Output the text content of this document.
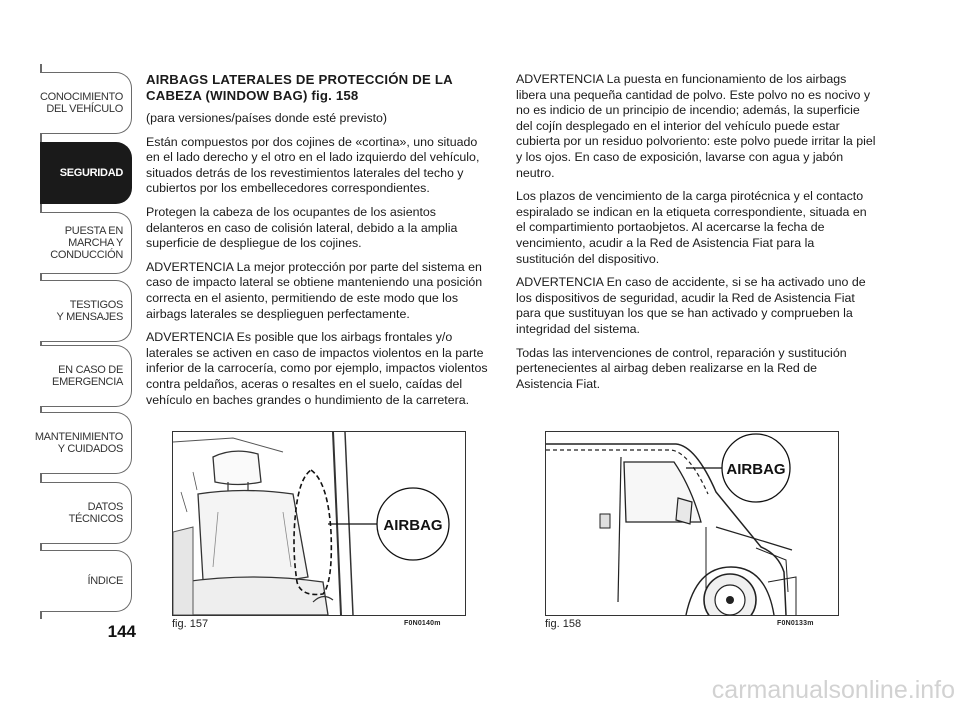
CONOCIMIENTO
DEL VEHÍCULO
SEGURIDAD
PUESTA EN
MARCHA Y
CONDUCCIÓN
TESTIGOS
Y MENSAJES
EN CASO DE
EMERGENCIA
MANTENIMIENTO
Y CUIDADOS
DATOS
TÉCNICOS
ÍNDICE
144

AIRBAGS LATERALES DE PROTECCIÓN DE LA CABEZA (WINDOW BAG) fig. 158

(para versiones/países donde esté previsto)

Están compuestos por dos cojines de «cortina», uno situado en el lado derecho y el otro en el lado izquierdo del vehículo, situados detrás de los revestimientos laterales del techo y cubiertos por los embellecedores correspondientes.

Protegen la cabeza de los ocupantes de los asientos delanteros en caso de colisión lateral, debido a la amplia superficie de despliegue de los cojines.

ADVERTENCIA La mejor protección por parte del sistema en caso de impacto lateral se obtiene manteniendo una posición correcta en el asiento, permitiendo de este modo que los airbags laterales se desplieguen perfectamente.

ADVERTENCIA Es posible que los airbags frontales y/o laterales se activen en caso de impactos violentos en la parte inferior de la carrocería, como por ejemplo, impactos violentos contra peldaños, aceras o resaltes en el suelo, caídas del vehículo en baches grandes o hundimiento de la carretera.

ADVERTENCIA La puesta en funcionamiento de los airbags libera una pequeña cantidad de polvo. Este polvo no es nocivo y no es indicio de un principio de incendio; además, la superficie del cojín desplegado en el interior del vehículo puede estar cubierta por un residuo polvoriento: este polvo puede irritar la piel y los ojos. En caso de exposición, lavarse con agua y jabón neutro.

Los plazos de vencimiento de la carga pirotécnica y el contacto espiralado se indican en la etiqueta correspondiente, situada en el compartimiento portaobjetos. Al acercarse la fecha de vencimiento, acudir a la Red de Asistencia Fiat para la sustitución del dispositivo.

ADVERTENCIA En caso de accidente, si se ha activado uno de los dispositivos de seguridad, acudir la Red de Asistencia Fiat para que sustituyan los que se han activado y comprueben la integridad del sistema.

Todas las intervenciones de control, reparación y sustitución pertenecientes al airbag deben realizarse en la Red de Asistencia Fiat.

AIRBAG
fig. 157	F0N0140m
AIRBAG
fig. 158	F0N0133m
carmanualsonline.info
